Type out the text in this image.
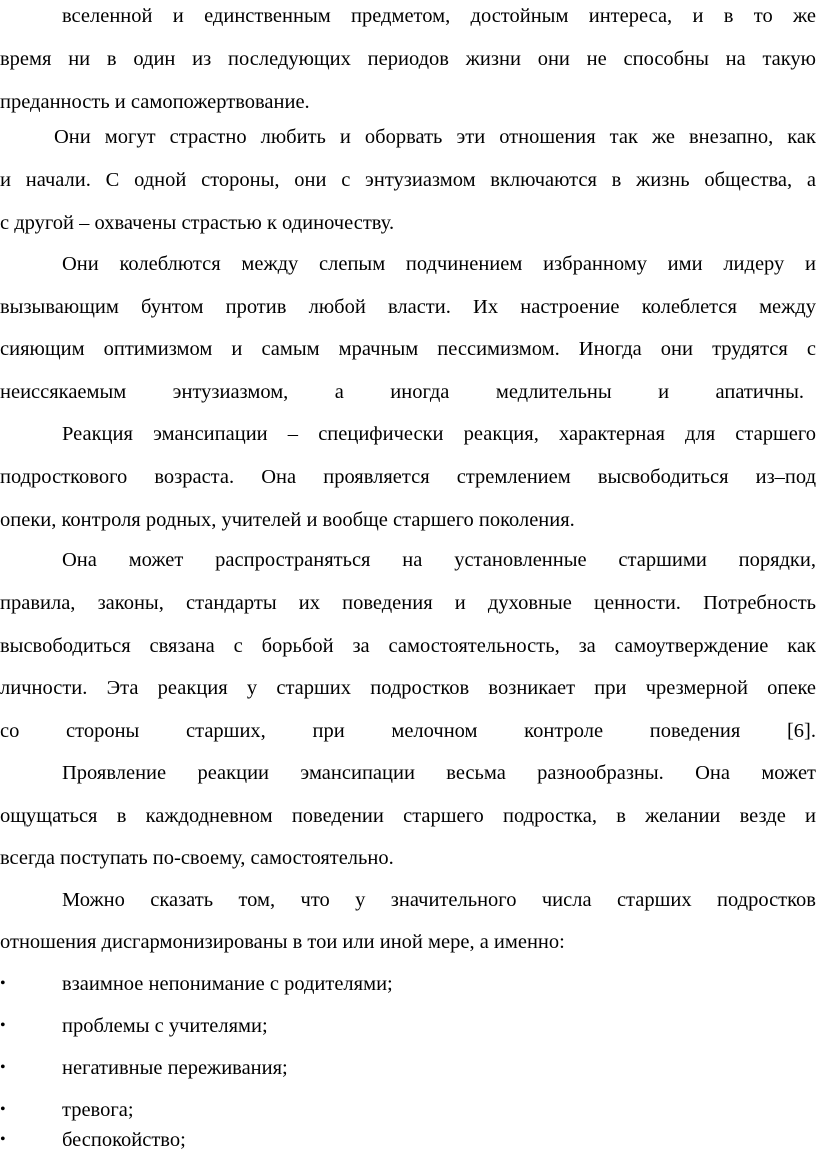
вселенной и единственным предметом, достойным интереса, и в то же
время ни в один из последующих периодов жизни они не способны на такую
преданность и самопожертвование.
Они могут страстно любить и оборвать эти отношения так же внезапно, как
и начали. С одной стороны, они с энтузиазмом включаются в жизнь общества, а
с другой – охвачены страстью к одиночеству.
Они колеблются между слепым подчинением избранному ими лидеру и
вызывающим бунтом против любой власти. Их настроение колеблется между
сияющим оптимизмом и самым мрачным пессимизмом. Иногда они трудятся с
неиссякаемым энтузиазмом, а иногда медлительны и апатичны.
Реакция эмансипации – специфически реакция, характерная для старшего
подросткового возраста. Она проявляется стремлением высвободиться из–под
опеки, контроля родных, учителей и вообще старшего поколения.
Она может распространяться на установленные старшими порядки,
правила, законы, стандарты их поведения и духовные ценности. Потребность
высвободиться связана с борьбой за самостоятельность, за самоутверждение как
личности. Эта реакция у старших подростков возникает при чрезмерной опеке
со стороны старших, при мелочном контроле поведения [6].
Проявление реакции эмансипации весьма разнообразны. Она может
ощущаться в каждодневном поведении старшего подростка, в желании везде и
всегда поступать по-своему, самостоятельно.
Можно сказать том, что у значительного числа старших подростков
отношения дисгармонизированы в тои или иной мере, а именно:
•	взаимное непонимание с родителями;
•	проблемы с учителями;
•	негативные переживания;
•	тревога;
•	беспокойство;
